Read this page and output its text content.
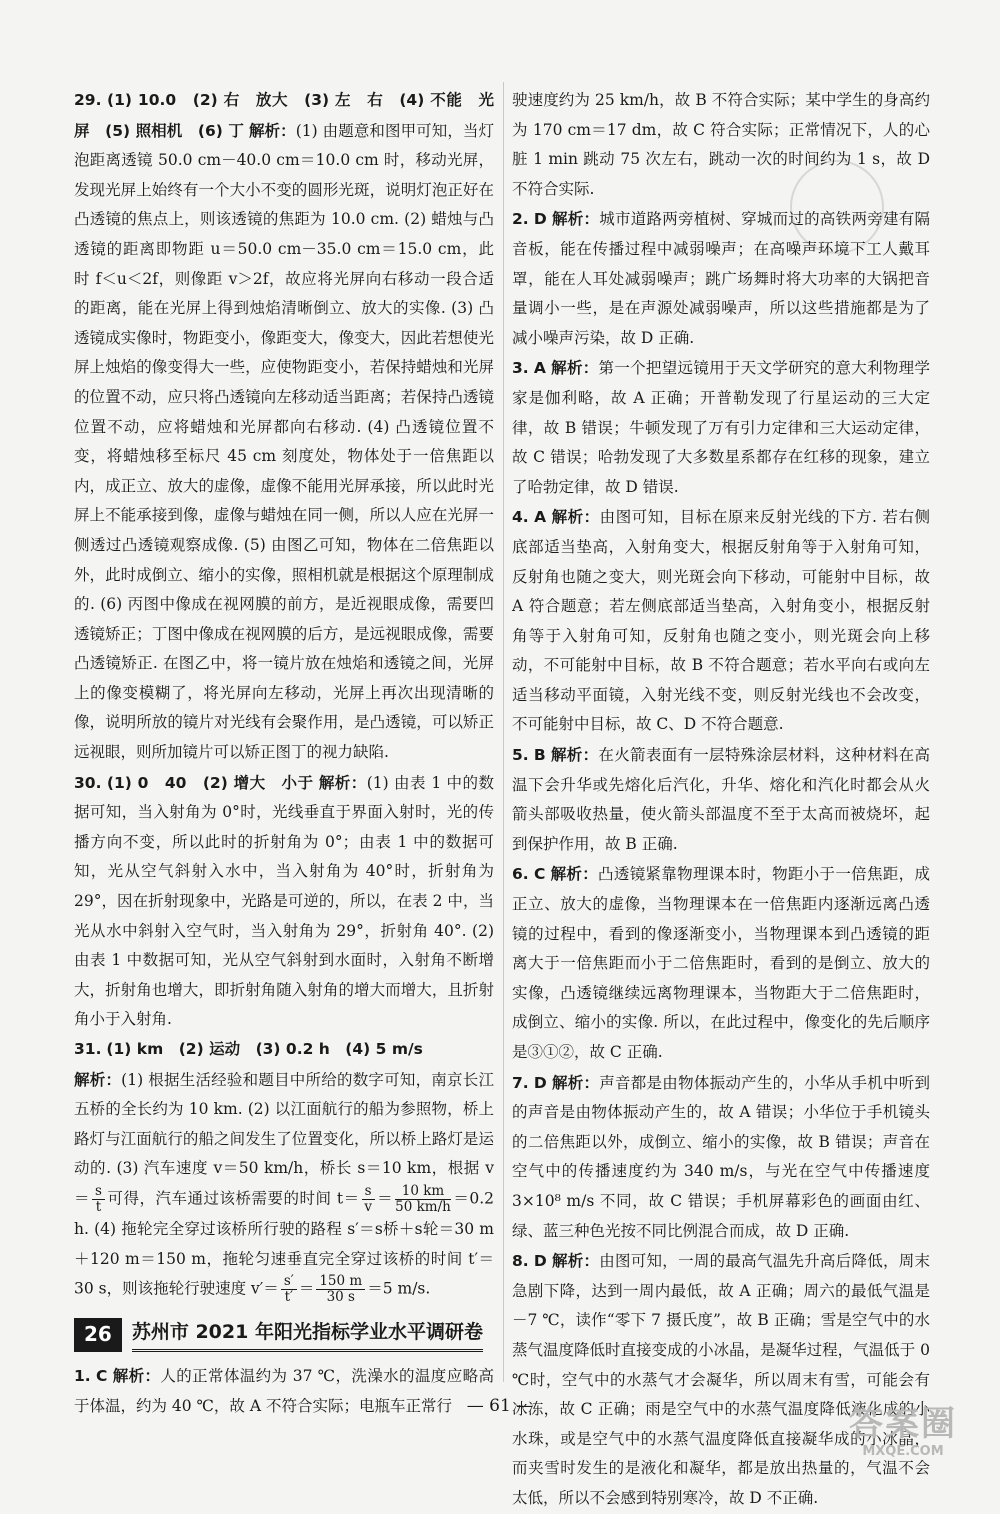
29. (1) 10.0　(2) 右　放大　(3) 左　右　(4) 不能　光屏　(5) 照相机　(6) 丁 解析：(1) 由题意和图甲可知，当灯泡距离透镜 50.0 cm－40.0 cm＝10.0 cm 时，移动光屏，发现光屏上始终有一个大小不变的圆形光斑，说明灯泡正好在凸透镜的焦点上，则该透镜的焦距为 10.0 cm. (2) 蜡烛与凸透镜的距离即物距 u＝50.0 cm－35.0 cm＝15.0 cm，此时 f＜u＜2f，则像距 v＞2f，故应将光屏向右移动一段合适的距离，能在光屏上得到烛焰清晰倒立、放大的实像. (3) 凸透镜成实像时，物距变小，像距变大，像变大，因此若想使光屏上烛焰的像变得大一些，应使物距变小，若保持蜡烛和光屏的位置不动，应只将凸透镜向左移动适当距离；若保持凸透镜位置不动，应将蜡烛和光屏都向右移动. (4) 凸透镜位置不变，将蜡烛移至标尺 45 cm 刻度处，物体处于一倍焦距以内，成正立、放大的虚像，虚像不能用光屏承接，所以此时光屏上不能承接到像，虚像与蜡烛在同一侧，所以人应在光屏一侧透过凸透镜观察成像. (5) 由图乙可知，物体在二倍焦距以外，此时成倒立、缩小的实像，照相机就是根据这个原理制成的. (6) 丙图中像成在视网膜的前方，是近视眼成像，需要凹透镜矫正；丁图中像成在视网膜的后方，是远视眼成像，需要凸透镜矫正. 在图乙中，将一镜片放在烛焰和透镜之间，光屏上的像变模糊了，将光屏向左移动，光屏上再次出现清晰的像，说明所放的镜片对光线有会聚作用，是凸透镜，可以矫正远视眼，则所加镜片可以矫正图丁的视力缺陷.

30. (1) 0　40　(2) 增大　小于 解析：(1) 由表 1 中的数据可知，当入射角为 0°时，光线垂直于界面入射时，光的传播方向不变，所以此时的折射角为 0°；由表 1 中的数据可知，光从空气斜射入水中，当入射角为 40°时，折射角为 29°，因在折射现象中，光路是可逆的，所以，在表 2 中，当光从水中斜射入空气时，当入射角为 29°，折射角 40°. (2) 由表 1 中数据可知，光从空气斜射到水面时，入射角不断增大，折射角也增大，即折射角随入射角的增大而增大，且折射角小于入射角.

31. (1) km　(2) 运动　(3) 0.2 h　(4) 5 m/s
解析：(1) 根据生活经验和题目中所给的数字可知，南京长江五桥的全长约为 10 km. (2) 以江面航行的船为参照物，桥上路灯与江面航行的船之间发生了位置变化，所以桥上路灯是运动的. (3) 汽车速度 v＝50 km/h，桥长 s＝10 km，根据 $v= \frac{s}{t}$ 可得，汽车通过该桥需要的时间 $t= \frac{s}{v} = \frac{10 km}{50 km/h} =0.2$ h. (4) 拖轮完全穿过该桥所行驶的路程 s′＝s桥＋s轮＝30 m＋120 m＝150 m，拖轮匀速垂直完全穿过该桥的时间 t′＝30 s，则该拖轮行驶速度 $v'= \frac{s'}{t'} = \frac{150 m}{30 s} =5$ m/s.

26	苏州市 2021 年阳光指标学业水平调研卷

1. C 解析：人的正常体温约为 37 ℃，洗澡水的温度应略高于体温，约为 40 ℃，故 A 不符合实际；电瓶车正常行

驶速度约为 25 km/h，故 B 不符合实际；某中学生的身高约为 170 cm＝17 dm，故 C 符合实际；正常情况下，人的心脏 1 min 跳动 75 次左右，跳动一次的时间约为 1 s，故 D 不符合实际.

2. D 解析：城市道路两旁植树、穿城而过的高铁两旁建有隔音板，能在传播过程中减弱噪声；在高噪声环境下工人戴耳罩，能在人耳处减弱噪声；跳广场舞时将大功率的大锅把音量调小一些，是在声源处减弱噪声，所以这些措施都是为了减小噪声污染，故 D 正确.

3. A 解析：第一个把望远镜用于天文学研究的意大利物理学家是伽利略，故 A 正确；开普勒发现了行星运动的三大定律，故 B 错误；牛顿发现了万有引力定律和三大运动定律，故 C 错误；哈勃发现了大多数星系都存在红移的现象，建立了哈勃定律，故 D 错误.

4. A 解析：由图可知，目标在原来反射光线的下方. 若右侧底部适当垫高，入射角变大，根据反射角等于入射角可知，反射角也随之变大，则光斑会向下移动，可能射中目标，故 A 符合题意；若左侧底部适当垫高，入射角变小，根据反射角等于入射角可知，反射角也随之变小，则光斑会向上移动，不可能射中目标，故 B 不符合题意；若水平向右或向左适当移动平面镜，入射光线不变，则反射光线也不会改变，不可能射中目标，故 C、D 不符合题意.

5. B 解析：在火箭表面有一层特殊涂层材料，这种材料在高温下会升华或先熔化后汽化，升华、熔化和汽化时都会从火箭头部吸收热量，使火箭头部温度不至于太高而被烧坏，起到保护作用，故 B 正确.

6. C 解析：凸透镜紧靠物理课本时，物距小于一倍焦距，成正立、放大的虚像，当物理课本在一倍焦距内逐渐远离凸透镜的过程中，看到的像逐渐变小，当物理课本到凸透镜的距离大于一倍焦距而小于二倍焦距时，看到的是倒立、放大的实像，凸透镜继续远离物理课本，当物距大于二倍焦距时，成倒立、缩小的实像. 所以，在此过程中，像变化的先后顺序是③①②，故 C 正确.

7. D 解析：声音都是由物体振动产生的，小华从手机中听到的声音是由物体振动产生的，故 A 错误；小华位于手机镜头的二倍焦距以外，成倒立、缩小的实像，故 B 错误；声音在空气中的传播速度约为 340 m/s，与光在空气中传播速度 3×10⁸ m/s 不同，故 C 错误；手机屏幕彩色的画面由红、绿、蓝三种色光按不同比例混合而成，故 D 正确.

8. D 解析：由图可知，一周的最高气温先升高后降低，周末急剧下降，达到一周内最低，故 A 正确；周六的最低气温是－7 ℃，读作“零下 7 摄氏度”，故 B 正确；雪是空气中的水蒸气温度降低时直接变成的小冰晶，是凝华过程，气温低于 0 ℃时，空气中的水蒸气才会凝华，所以周末有雪，可能会有冰冻，故 C 正确；雨是空气中的水蒸气温度降低液化成的小水珠，或是空气中的水蒸气温度降低直接凝华成的小冰晶，而夹雪时发生的是液化和凝华，都是放出热量的，气温不会太低，所以不会感到特别寒冷，故 D 不正确.

— 61 —	答案圈
MXQE.COM
